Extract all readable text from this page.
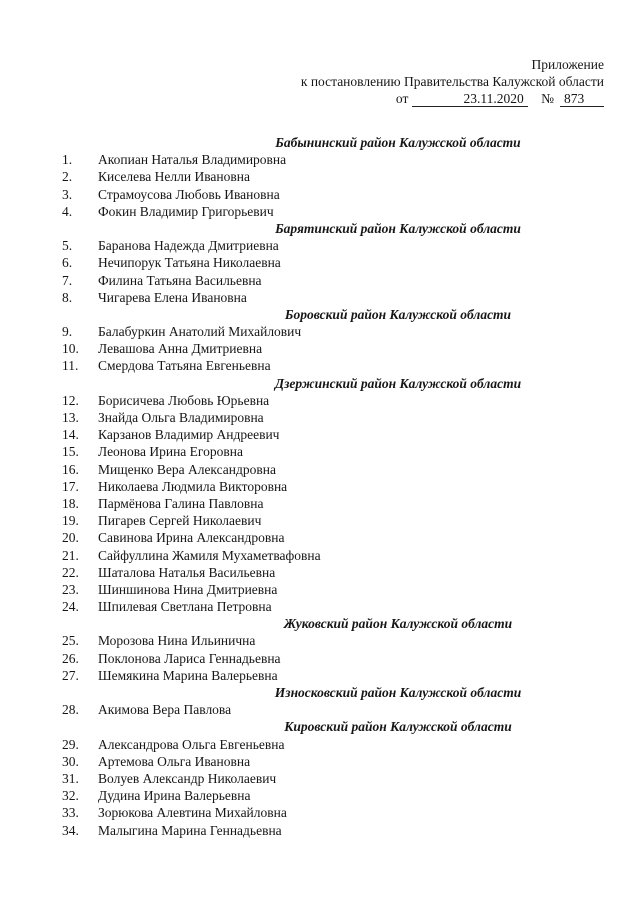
Приложение
к постановлению Правительства Калужской области
от	23.11.2020 № 873
Бабынинский район Калужской области
1. Акопиан Наталья Владимировна
2. Киселева Нелли Ивановна
3. Страмоусова Любовь Ивановна
4. Фокин Владимир Григорьевич
Барятинский район Калужской области
5. Баранова Надежда Дмитриевна
6. Нечипорук Татьяна Николаевна
7. Филина Татьяна Васильевна
8. Чигарева Елена Ивановна
Боровский район Калужской области
9. Балабуркин Анатолий Михайлович
10. Левашова Анна Дмитриевна
11. Смердова Татьяна Евгеньевна
Дзержинский район Калужской области
12. Борисичева Любовь Юрьевна
13. Знайда Ольга Владимировна
14. Карзанов Владимир Андреевич
15. Леонова Ирина Егоровна
16. Мищенко Вера Александровна
17. Николаева Людмила Викторовна
18. Пармёнова Галина Павловна
19. Пигарев Сергей Николаевич
20. Савинова Ирина Александровна
21. Сайфуллина Жамиля Мухаметвафовна
22. Шаталова Наталья Васильевна
23. Шиншинова Нина Дмитриевна
24. Шпилевая Светлана Петровна
Жуковский район Калужской области
25. Морозова Нина Ильинична
26. Поклонова Лариса Геннадьевна
27. Шемякина Марина Валерьевна
Износковский район Калужской области
28. Акимова Вера Павлова
Кировский район Калужской области
29. Александрова Ольга Евгеньевна
30. Артемова Ольга Ивановна
31. Волуев Александр Николаевич
32. Дудина Ирина Валерьевна
33. Зорюкова Алевтина Михайловна
34. Малыгина Марина Геннадьевна
